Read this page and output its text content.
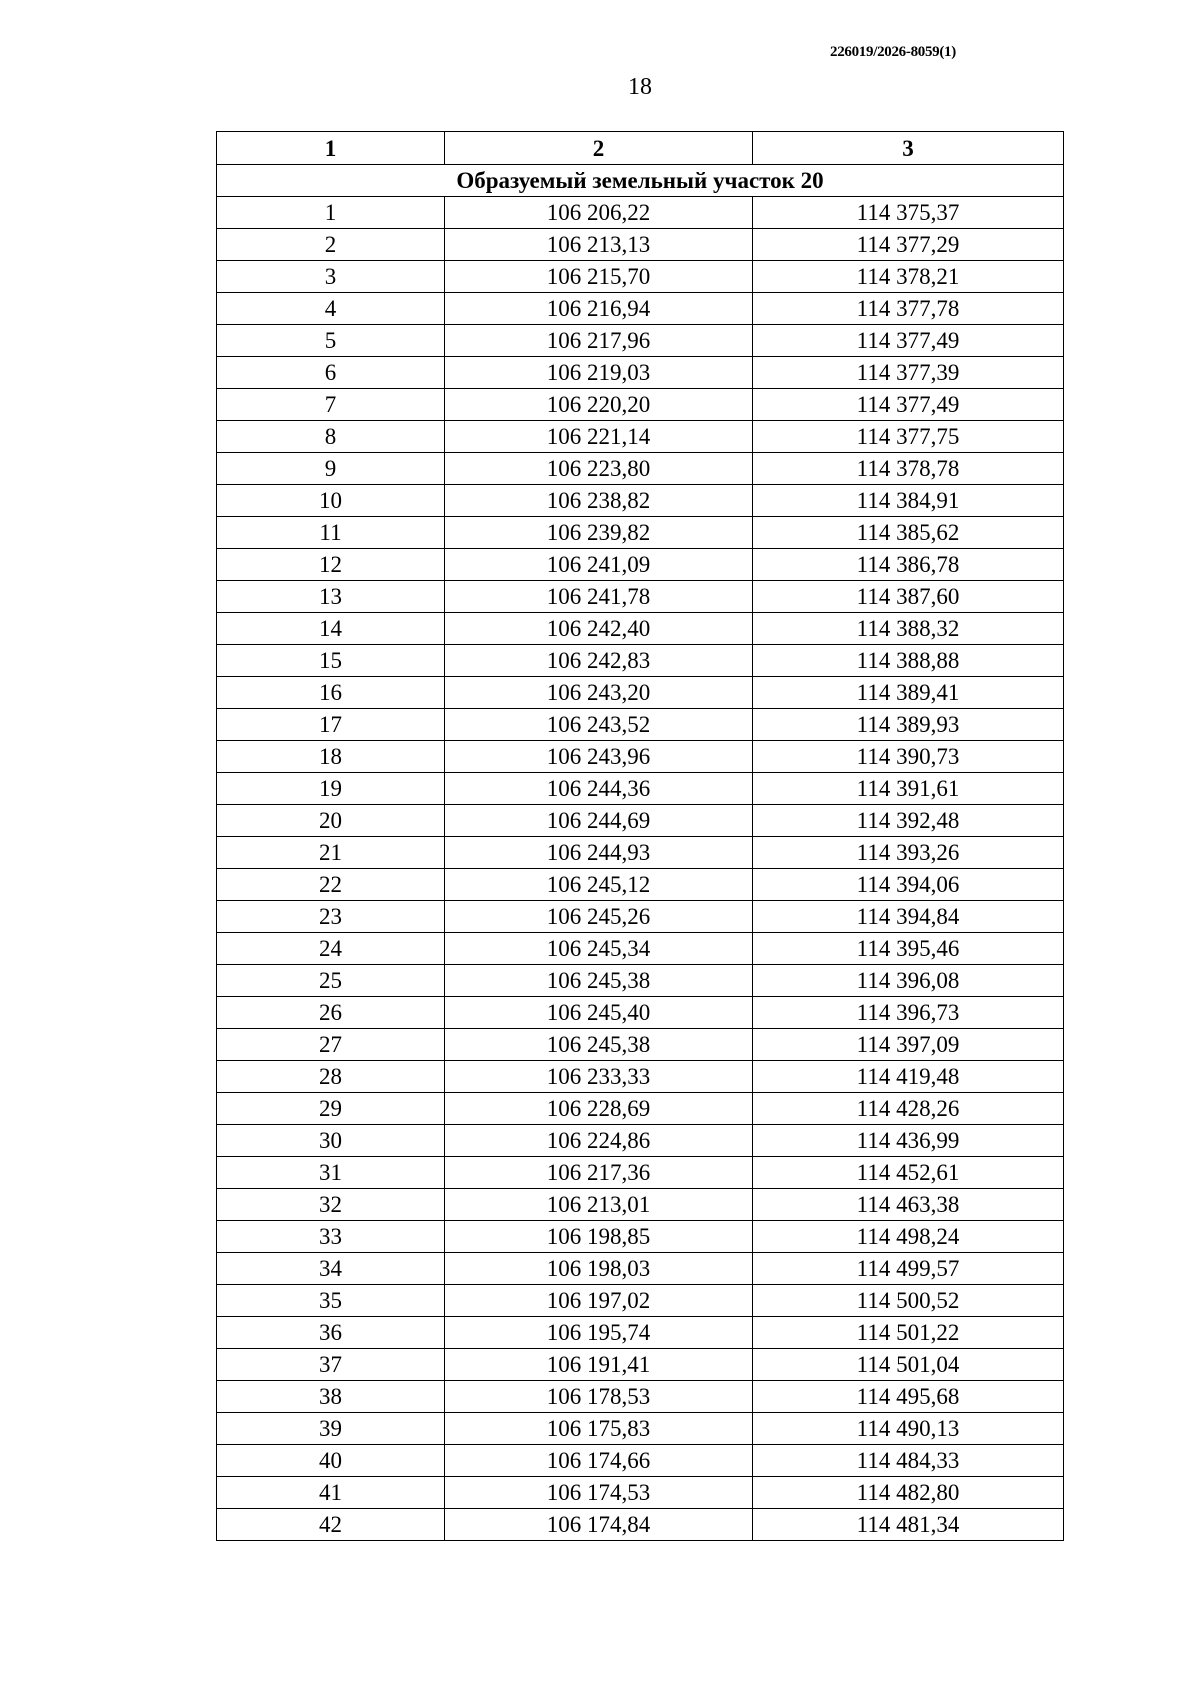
226019/2026-8059(1)
18
1	2	3
Образуемый земельный участок 20		
1	106 206,22	114 375,37
2	106 213,13	114 377,29
3	106 215,70	114 378,21
4	106 216,94	114 377,78
5	106 217,96	114 377,49
6	106 219,03	114 377,39
7	106 220,20	114 377,49
8	106 221,14	114 377,75
9	106 223,80	114 378,78
10	106 238,82	114 384,91
11	106 239,82	114 385,62
12	106 241,09	114 386,78
13	106 241,78	114 387,60
14	106 242,40	114 388,32
15	106 242,83	114 388,88
16	106 243,20	114 389,41
17	106 243,52	114 389,93
18	106 243,96	114 390,73
19	106 244,36	114 391,61
20	106 244,69	114 392,48
21	106 244,93	114 393,26
22	106 245,12	114 394,06
23	106 245,26	114 394,84
24	106 245,34	114 395,46
25	106 245,38	114 396,08
26	106 245,40	114 396,73
27	106 245,38	114 397,09
28	106 233,33	114 419,48
29	106 228,69	114 428,26
30	106 224,86	114 436,99
31	106 217,36	114 452,61
32	106 213,01	114 463,38
33	106 198,85	114 498,24
34	106 198,03	114 499,57
35	106 197,02	114 500,52
36	106 195,74	114 501,22
37	106 191,41	114 501,04
38	106 178,53	114 495,68
39	106 175,83	114 490,13
40	106 174,66	114 484,33
41	106 174,53	114 482,80
42	106 174,84	114 481,34
